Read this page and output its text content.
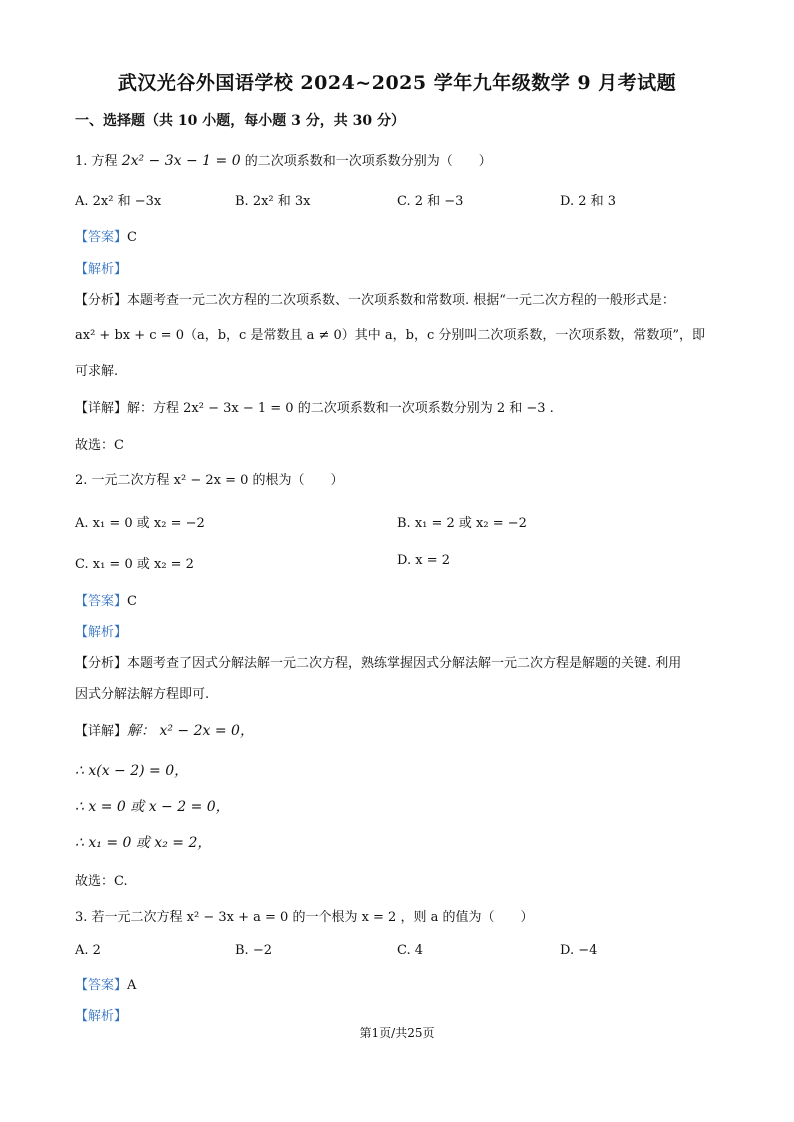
武汉光谷外国语学校 2024~2025 学年九年级数学 9 月考试题
一、选择题（共 10 小题，每小题 3 分，共 30 分）
1. 方程 2x² − 3x − 1 = 0 的二次项系数和一次项系数分别为（　　）
A. 2x² 和 −3x	B. 2x² 和 3x	C. 2 和 −3	D. 2 和 3
【答案】C
【解析】
【分析】本题考查一元二次方程的二次项系数、一次项系数和常数项. 根据“一元二次方程的一般形式是：
ax² + bx + c = 0（a，b，c 是常数且 a ≠ 0）其中 a，b，c 分别叫二次项系数，一次项系数，常数项”，即
可求解.
【详解】解：方程 2x² − 3x − 1 = 0 的二次项系数和一次项系数分别为 2 和 −3 .
故选：C
2. 一元二次方程 x² − 2x = 0 的根为（　　）
A. x₁ = 0 或 x₂ = −2	B. x₁ = 2 或 x₂ = −2
C. x₁ = 0 或 x₂ = 2	D. x = 2
【答案】C
【解析】
【分析】本题考查了因式分解法解一元二次方程，熟练掌握因式分解法解一元二次方程是解题的关键. 利用
因式分解法解方程即可.
【详解】解： x² − 2x = 0，
∴ x(x − 2) = 0，
∴ x = 0 或 x − 2 = 0，
∴ x₁ = 0 或 x₂ = 2，
故选：C.
3. 若一元二次方程 x² − 3x + a = 0 的一个根为 x = 2 ，则 a 的值为（　　）
A. 2	B. −2	C. 4	D. −4
【答案】A
【解析】
第1页/共25页
